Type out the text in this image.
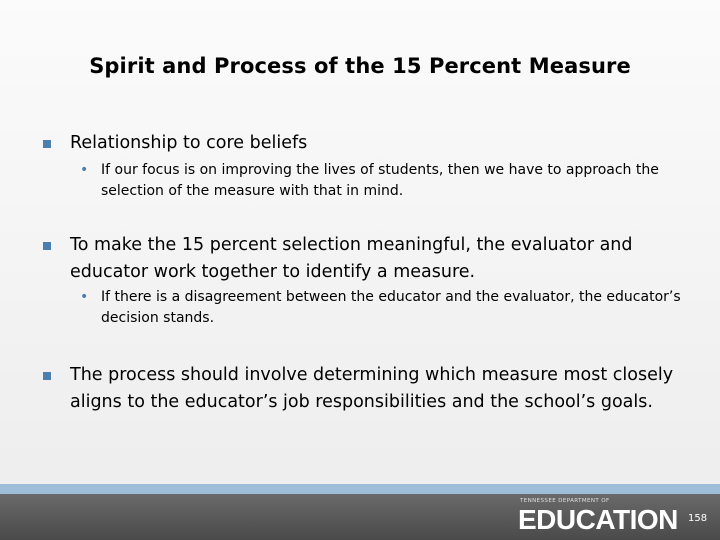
Spirit and Process of the 15 Percent Measure
Relationship to core beliefs
• If our focus is on improving the lives of students, then we have to approach the selection of the measure with that in mind.
To make the 15 percent selection meaningful, the evaluator and educator work together to identify a measure.
• If there is a disagreement between the educator and the evaluator, the educator’s decision stands.
The process should involve determining which measure most closely aligns to the educator’s job responsibilities and the school’s goals.
TENNESSEE DEPARTMENT OF
EDUCATION 158
